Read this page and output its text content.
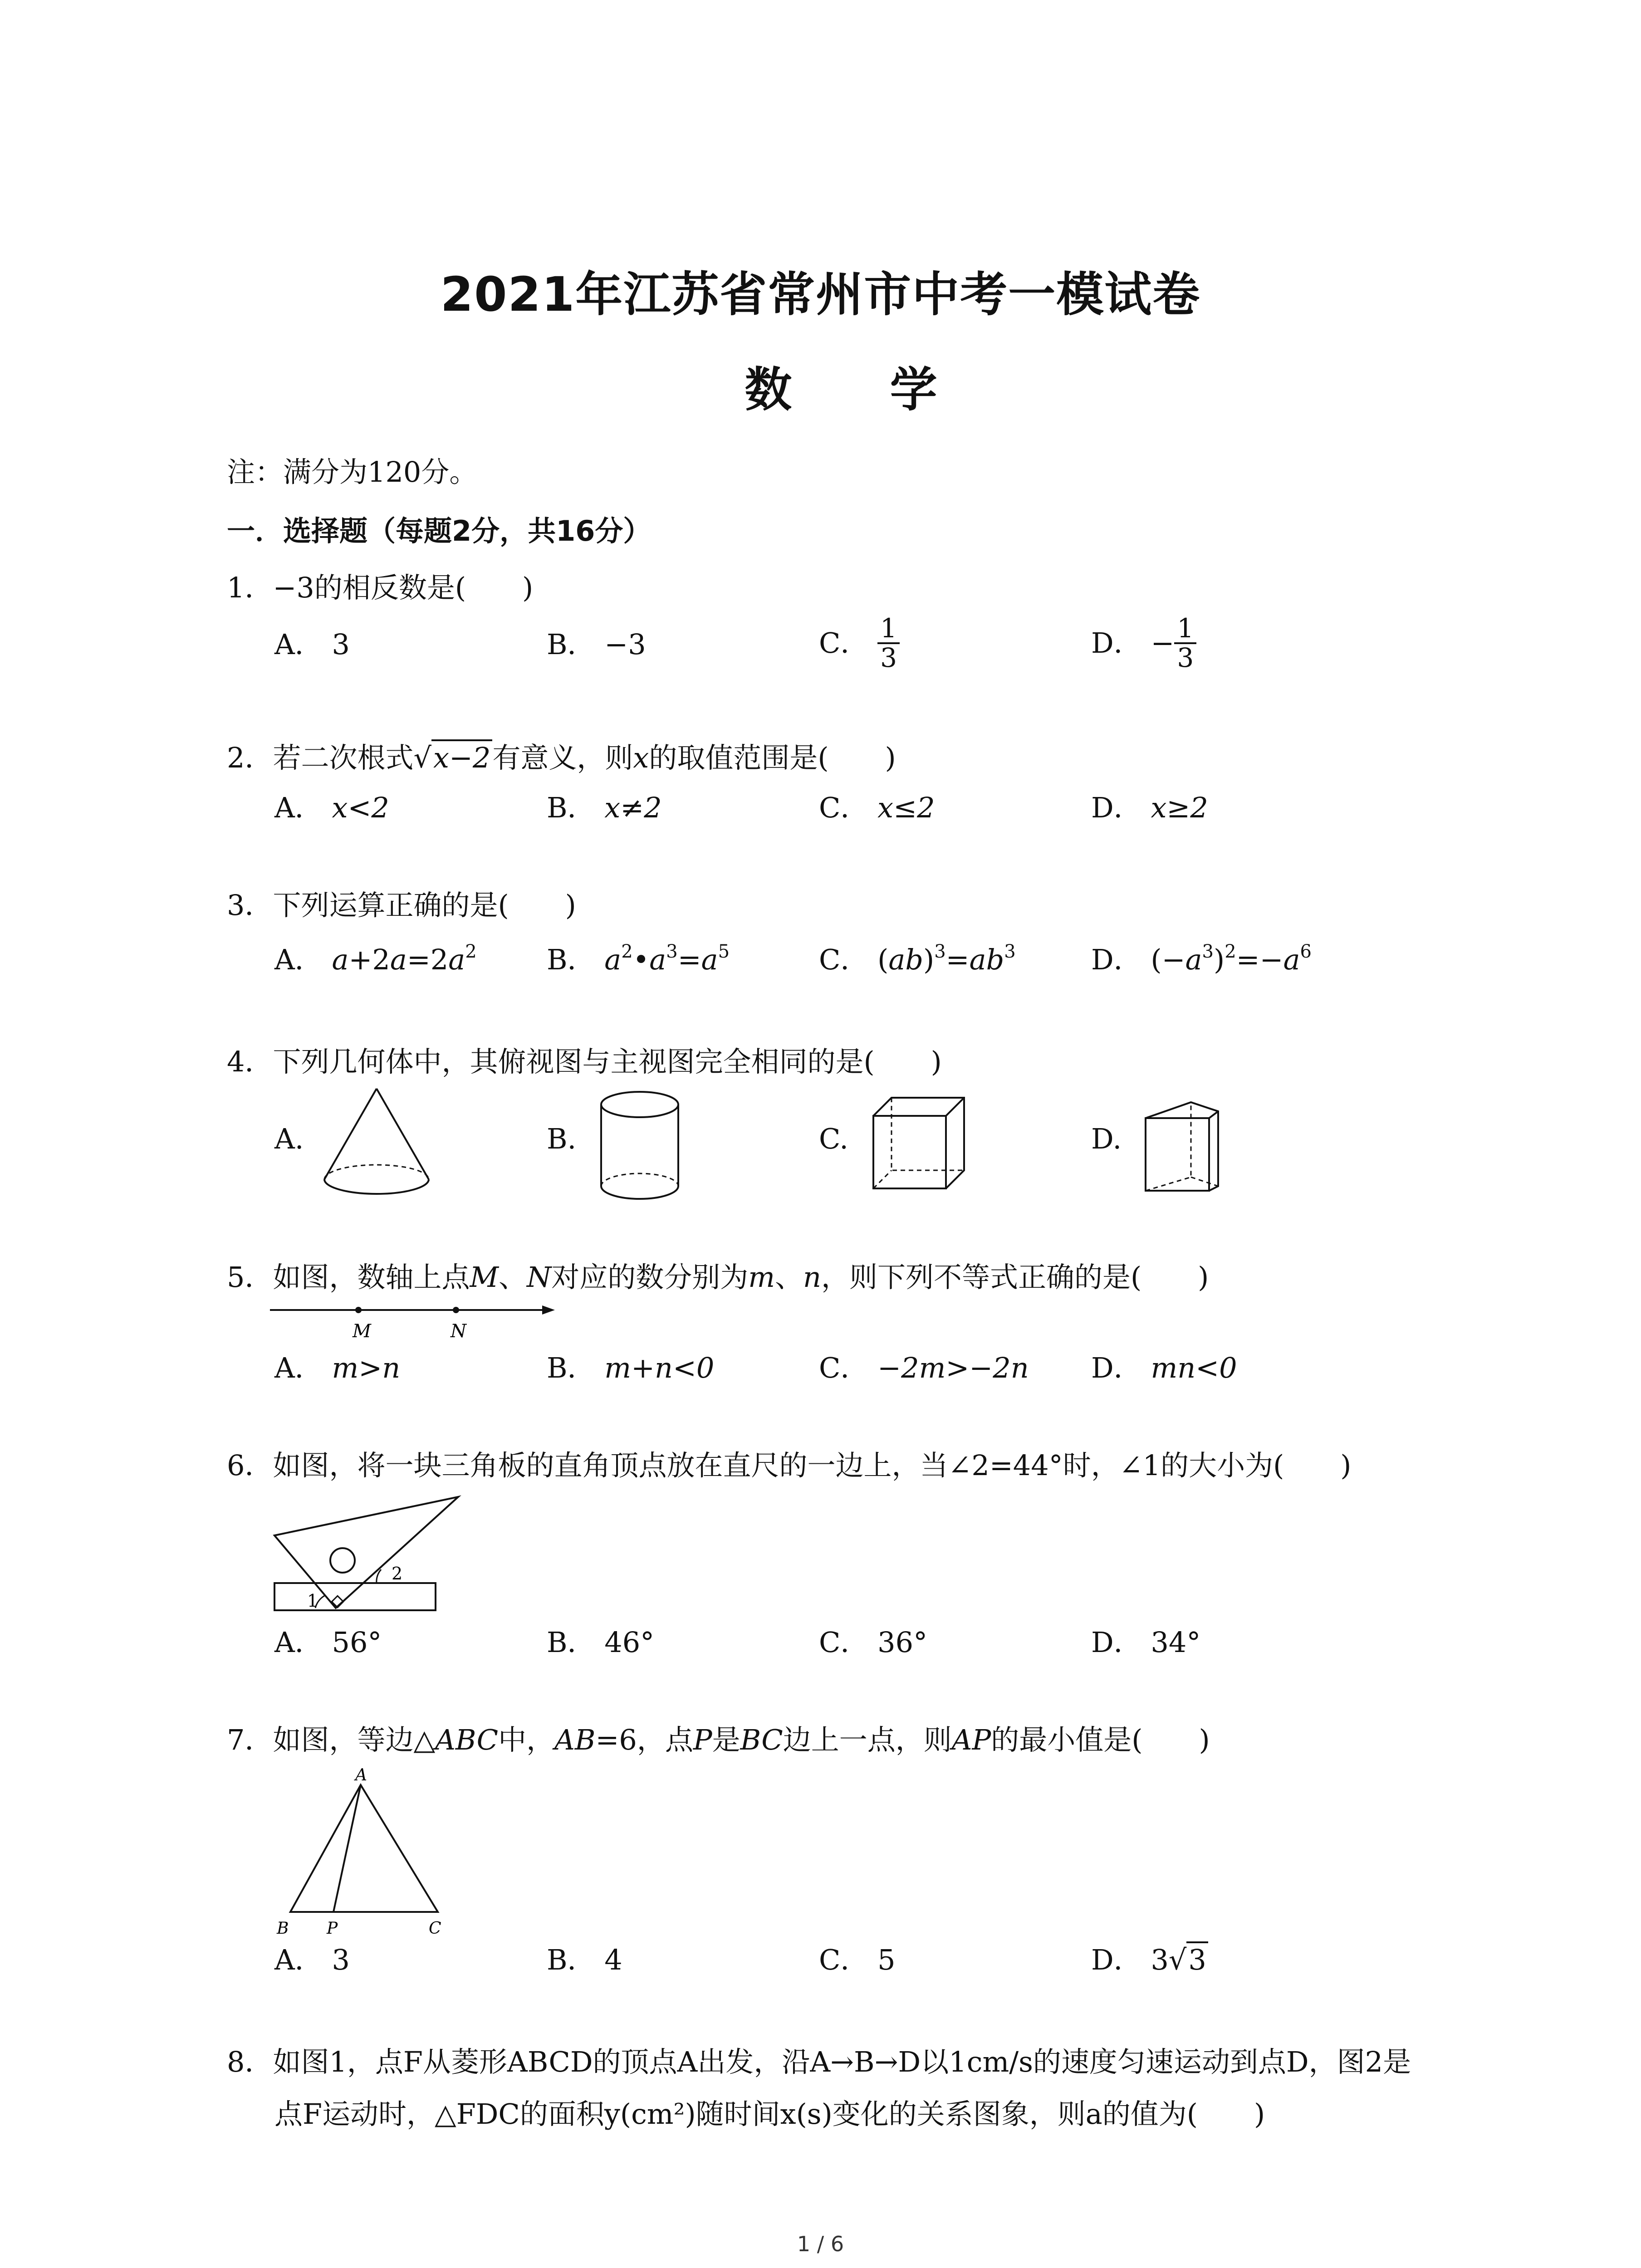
2021年江苏省常州市中考一模试卷
数 学
注：满分为120分。
一．选择题（每题2分，共16分）
1．−3的相反数是(　　)
A． 3	B． −3	C． $\frac{1}{3}$	D． − $\frac{1}{3}$
2．若二次根式√x−2有意义，则x的取值范围是(　　)
A． x<2	B． x≠2	C． x≤2	D． x≥2
3．下列运算正确的是(　　)
A． $a+2a=2a^2$ B． $a^2•a^3=a^5$	C． $(ab)^3=ab^3$	D． $(-a^3)^2=-a^6$
4．下列几何体中，其俯视图与主视图完全相同的是(　　)
A.	B.	C.	D.
5．如图，数轴上点M、N对应的数分别为m、n，则下列不等式正确的是(　　)
M	N
A． m>n	B． m+n<0	C． −2m>−2n D． mn<0
6．如图，将一块三角板的直角顶点放在直尺的一边上，当∠2=44°时，∠1的大小为(　　)
1
2
A． 56°	B． 46°	C． 36°	D． 34°
7．如图，等边△ABC中，AB=6，点P是BC边上一点，则AP的最小值是(　　)
A
B P	C
A． 3	B． 4	C． 5	D． 3√3
8．如图1，点F从菱形ABCD的顶点A出发，沿A→B→D以1cm/s的速度匀速运动到点D，图2是
点F运动时，△FDC的面积y(cm²)随时间x(s)变化的关系图象，则a的值为(　　)
1 / 6
